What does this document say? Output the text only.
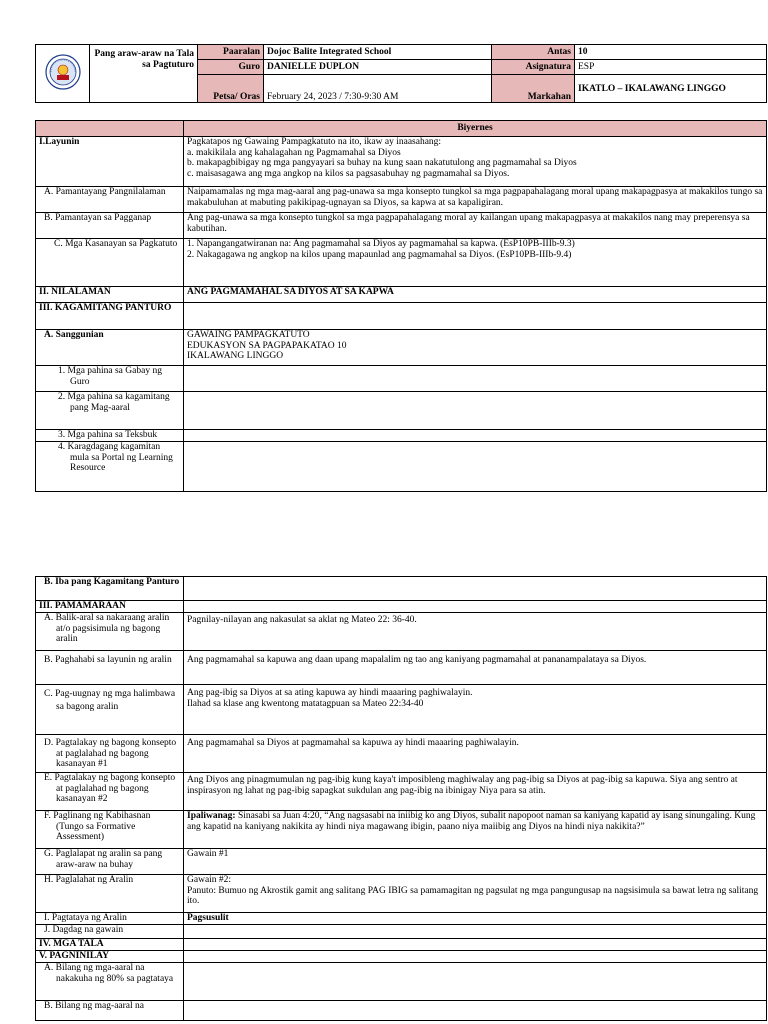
	Pang araw-araw na Tala sa Pagtuturo	Paaralan	Dojoc Balite Integrated School	Antas	10
		Guro	DANIELLE DUPLON	Asignatura	ESP
		Petsa/ Oras	February 24, 2023 / 7:30-9:30 AM	Markahan	IKATLO – IKALAWANG LINGGO
	Biyernes
I.Layunin	Pagkatapos ng Gawaing Pampagkatuto na ito, ikaw ay inaasahang:
a. makikilala ang kahalagahan ng Pagmamahal sa Diyos
b. makapagbibigay ng mga pangyayari sa buhay na kung saan nakatutulong ang pagmamahal sa Diyos
c. maisasagawa ang mga angkop na kilos sa pagsasabuhay ng pagmamahal sa Diyos.

A. Pamantayang Pangnilalaman	Naipamamalas ng mga mag-aaral ang pag-unawa sa mga konsepto tungkol sa mga pagpapahalagang moral upang makapagpasya at makakilos tungo sa makabuluhan at mabuting pakikipag-ugnayan sa Diyos, sa kapwa at sa kapaligiran.
B. Pamantayan sa Pagganap	Ang pag-unawa sa mga konsepto tungkol sa mga pagpapahalagang moral ay kailangan upang makapagpasya at makakilos nang may preperensya sa kabutihan.
C. Mga Kasanayan sa Pagkatuto	1. Napangangatwiranan na: Ang pagmamahal sa Diyos ay pagmamahal sa kapwa. (EsP10PB-IIIb-9.3)
2. Nakagagawa ng angkop na kilos upang mapaunlad ang pagmamahal sa Diyos. (EsP10PB-IIIb-9.4)

II. NILALAMAN	ANG PAGMAMAHAL SA DIYOS AT SA KAPWA
III. KAGAMITANG PANTURO	
A. Sanggunian	GAWAING PAMPAGKATUTO
EDUKASYON SA PAGPAPAKATAO 10
IKALAWANG LINGGO

1. Mga pahina sa Gabay ng Guro	
2. Mga pahina sa kagamitang pang Mag-aaral	
3. Mga pahina sa Teksbuk	
4. Karagdagang kagamitan mula sa Portal ng Learning Resource	
B. Iba pang Kagamitang Panturo	
III. PAMAMARAAN	
A. Balik-aral sa nakaraang aralin at/o pagsisimula ng bagong aralin	Pagnilay-nilayan ang nakasulat sa aklat ng Mateo 22: 36-40.
B. Paghahabi sa layunin ng aralin	Ang pagmamahal sa kapuwa ang daan upang mapalalim ng tao ang kaniyang pagmamahal at pananampalataya sa Diyos.
C. Pag-uugnay ng mga halimbawa sa bagong aralin	Ang pag-ibig sa Diyos at sa ating kapuwa ay hindi maaaring paghiwalayin.
Ilahad sa klase ang kwentong matatagpuan sa Mateo 22:34-40
D. Pagtalakay ng bagong konsepto at paglalahad ng bagong kasanayan #1	Ang pagmamahal sa Diyos at pagmamahal sa kapuwa ay hindi maaaring paghiwalayin.
E. Pagtalakay ng bagong konsepto at paglalahad ng bagong kasanayan #2	Ang Diyos ang pinagmumulan ng pag-ibig kung kaya't imposibleng maghiwalay ang pag-ibig sa Diyos at pag-ibig sa kapuwa. Siya ang sentro at inspirasyon ng lahat ng pag-ibig sapagkat sukdulan ang pag-ibig na ibinigay Niya para sa atin.
F. Paglinang ng Kabihasnan (Tungo sa Formative Assessment)	Ipaliwanag: Sinasabi sa Juan 4:20, “Ang nagsasabi na iniibig ko ang Diyos, subalit napopoot naman sa kaniyang kapatid ay isang sinungaling. Kung ang kapatid na kaniyang nakikita ay hindi niya magawang ibigin, paano niya maiibig ang Diyos na hindi niya nakikita?”
G. Paglalapat ng aralin sa pang araw-araw na buhay	Gawain #1
H. Paglalahat ng Aralin	Gawain #2:
Panuto: Bumuo ng Akrostik gamit ang salitang PAG IBIG sa pamamagitan ng pagsulat ng mga pangungusap na nagsisimula sa bawat letra ng salitang ito.
I. Pagtataya ng Aralin	Pagsusulit
J. Dagdag na gawain	
IV. MGA TALA	
V. PAGNINILAY	
A. Bilang ng mga-aaral na nakakuha ng 80% sa pagtataya	
B. Bilang ng mag-aaral na	
